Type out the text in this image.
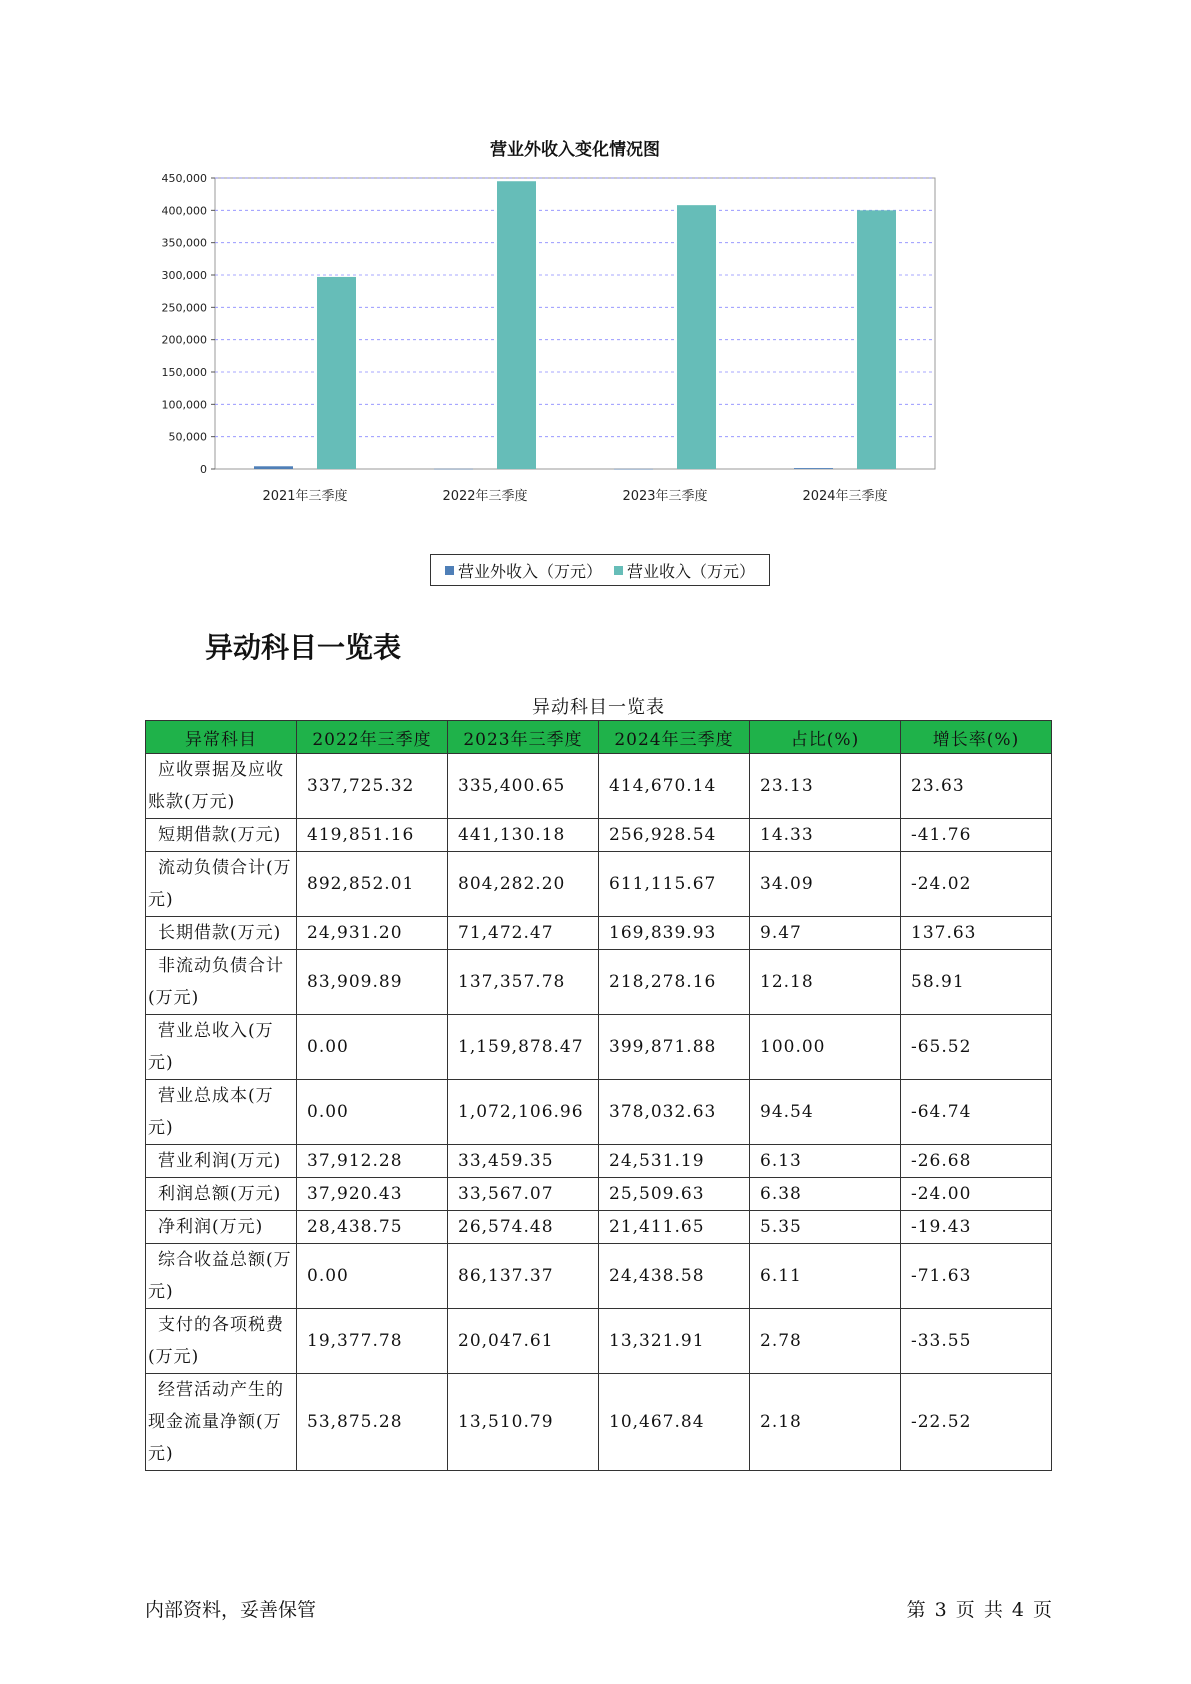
营业外收入变化情况图
0
50,000
100,000
150,000
200,000
250,000
300,000
350,000
400,000
450,000
2021年三季度	2022年三季度	2023年三季度	2024年三季度
营业外收入（万元） 营业收入（万元）
异动科目一览表
异动科目一览表
异常科目	2022年三季度	2023年三季度	2024年三季度	占比(%)	增长率(%)
应收票据及应收账款(万元)	337,725.32	335,400.65	414,670.14	23.13	23.63
短期借款(万元)	419,851.16	441,130.18	256,928.54	14.33	-41.76
流动负债合计(万元)	892,852.01	804,282.20	611,115.67	34.09	-24.02
长期借款(万元)	24,931.20	71,472.47	169,839.93	9.47	137.63
非流动负债合计(万元)	83,909.89	137,357.78	218,278.16	12.18	58.91
营业总收入(万元)	0.00	1,159,878.47	399,871.88	100.00	-65.52
营业总成本(万元)	0.00	1,072,106.96	378,032.63	94.54	-64.74
营业利润(万元)	37,912.28	33,459.35	24,531.19	6.13	-26.68
利润总额(万元)	37,920.43	33,567.07	25,509.63	6.38	-24.00
净利润(万元)	28,438.75	26,574.48	21,411.65	5.35	-19.43
综合收益总额(万元)	0.00	86,137.37	24,438.58	6.11	-71.63
支付的各项税费(万元)	19,377.78	20,047.61	13,321.91	2.78	-33.55
经营活动产生的现金流量净额(万元)	53,875.28	13,510.79	10,467.84	2.18	-22.52
内部资料，妥善保管	第 3 页 共 4 页
